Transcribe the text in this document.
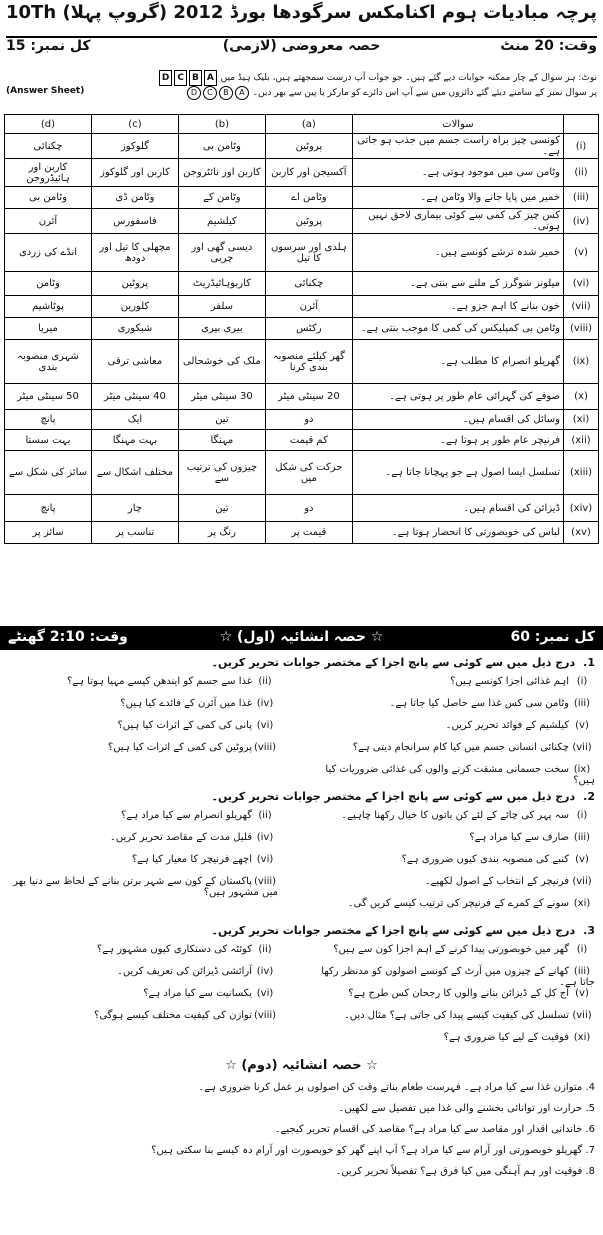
10Th پرچہ مبادیات ہوم اکنامکس سرگودھا بورڈ 2012 (گروپ پہلا)
کل نمبر: 15	حصہ معروضی (لازمی)	وقت: 20 منٹ
نوٹ: ہر سوال کے چار ممکنہ جوابات دیے گئے ہیں۔ جو جواب آپ درست سمجھتے ہیں، بلیک ہیڈ میں ABCD
پر سوال نمبر کے سامنے دیئے گئے دائروں میں سے آپ اس دائرے کو مارکر یا پین سے بھر دیں۔ ABCD
(Answer Sheet)
	سوالات	(a)	(b)	(c)	(d)
(i)	کونسی چیز براہ راست جسم میں جذب ہو جاتی ہے۔	پروٹین	وٹامن بی	گلوکوز	چکنائی
(ii)	وٹامن سی میں موجود ہوتی ہے۔	آکسیجن اور کاربن	کاربن اور نائٹروجن	کاربن اور گلوکوز	کاربن اور ہائیڈروجن
(iii)	خمیر میں پایا جانے والا وٹامن ہے۔	وٹامن اے	وٹامن کے	وٹامن ڈی	وٹامن بی
(iv)	کس چیز کی کمی سے کوئی بیماری لاحق نہیں ہوتی۔	پروٹین	کیلشیم	فاسفورس	آئرن
(v)	خمیر شدہ ترشے کونسے ہیں۔	ہلدی اور سرسوں کا تیل	دیسی گھی اور چربی	مچھلی کا تیل اور دودھ	انڈے کی زردی
(vi)	میلونز شوگرز کے ملنے سے بنتی ہے۔	چکنائی	کاربوہائیڈریٹ	پروٹین	وٹامن
(vii)	خون بنانے کا اہم جزو ہے۔	آئرن	سلفر	کلورین	پوٹاشیم
(viii)	وٹامن بی کمپلیکس کی کمی کا موجب بنتی ہے۔	رکٹس	بیری بیری	شبکوری	میریا
(ix)	گھریلو انصرام کا مطلب ہے۔	گھر کیلئے منصوبہ بندی کرنا	ملک کی خوشحالی	معاشی ترقی	شہری منصوبہ بندی
(x)	صوفے کی گہرائی عام طور پر ہوتی ہے۔	20 سینٹی میٹر	30 سینٹی میٹر	40 سینٹی میٹر	50 سینٹی میٹر
(xi)	وسائل کی اقسام ہیں۔	دو	تین	ایک	پانچ
(xii)	فرنیچر عام طور پر ہوتا ہے۔	کم قیمت	مہنگا	بہت مہنگا	بہت سستا
(xiii)	تسلسل ایسا اصول ہے جو پہچانا جاتا ہے۔	حرکت کی شکل میں	چیزوں کی ترتیب سے	مختلف اشکال سے	سائز کی شکل سے
(xiv)	ڈیزائن کی اقسام ہیں۔	دو	تین	چار	پانچ
(xv)	لباس کی خوبصورتی کا انحصار ہوتا ہے۔	قیمت پر	رنگ پر	تناسب پر	سائز پر
وقت: 2:10 گھنٹے	☆ حصہ انشائیہ (اول) ☆	کل نمبر: 60
1.درج ذیل میں سے کوئی سے پانچ اجزا کے مختصر جوابات تحریر کریں۔
(i)اہم غذائی اجزا کونسے ہیں؟
(ii)غذا سے جسم کو ایندھن کیسے مہیا ہوتا ہے؟
(iii)وٹامن سی کس غذا سے حاصل کیا جاتا ہے۔
(iv)غذا میں آئرن کے فائدے کیا ہیں؟
(v)کیلشیم کے فوائد تحریر کریں۔
(vi)پانی کی کمی کے اثرات کیا ہیں؟
(vii)چکنائی انسانی جسم میں کیا کام سرانجام دیتی ہے؟
(viii)پروٹین کی کمی کے اثرات کیا ہیں؟
(ix)سخت جسمانی مشقت کرنے والوں کی غذائی ضروریات کیا ہیں؟
2.درج ذیل میں سے کوئی سے پانچ اجزا کے مختصر جوابات تحریر کریں۔
(i)سہ پہر کی چائے کے لئے کن باتوں کا خیال رکھنا چاہیے۔
(ii)گھریلو انصرام سے کیا مراد ہے؟
(iii)صارف سے کیا مراد ہے؟
(iv)قلیل مدت کے مقاصد تحریر کریں۔
(v)کنبے کی منصوبہ بندی کیوں ضروری ہے؟
(vi)اچھے فرنیچر کا معیار کیا ہے؟
(vii)فرنیچر کے انتخاب کے اصول لکھیے۔
(viii)پاکستان کے کون سے شہر برتن بنانے کے لحاظ سے دنیا بھر میں مشہور ہیں؟
(xi)سونے کے کمرے کے فرنیچر کی ترتیب کیسے کریں گی۔
3.درج ذیل میں سے کوئی سے پانچ اجزا کے مختصر جوابات تحریر کریں۔
(i)گھر میں خوبصورتی پیدا کرنے کے اہم اجزا کون سے ہیں؟
(ii)کوئٹہ کی دستکاری کیوں مشہور ہے؟
(iii)کھانے کے چیزوں میں آرٹ کے کونسے اصولوں کو مدنظر رکھا جاتا ہے۔
(iv)آرائشی ڈیزائن کی تعریف کریں۔
(v)آج کل کے ڈیزائن بنانے والوں کا رجحان کس طرح ہے؟
(vi)یکسانیت سے کیا مراد ہے؟
(vii)تسلسل کی کیفیت کیسے پیدا کی جاتی ہے؟ مثال دیں۔
(viii)توازن کی کیفیت مختلف کیسے ہوگی؟
(xi)فوقیت کے لیے کیا ضروری ہے؟
☆ حصہ انشائیہ (دوم) ☆
4. متوازن غذا سے کیا مراد ہے۔ فہرست طعام بناتے وقت کن اصولوں پر عمل کرنا ضروری ہے۔
5. حرارت اور توانائی بخشنے والی غذا میں تفصیل سے لکھیں۔
6. خاندانی اقدار اور مقاصد سے کیا مراد ہے؟ مقاصد کی اقسام تحریر کیجیے۔
7. گھریلو خوبصورتی اور آرام سے کیا مراد ہے؟ آپ اپنے گھر کو خوبصورت اور آرام دہ کیسے بنا سکتی ہیں؟
8. فوقیت اور ہم آہنگی میں کیا فرق ہے؟ تفصیلاً تحریر کریں۔
